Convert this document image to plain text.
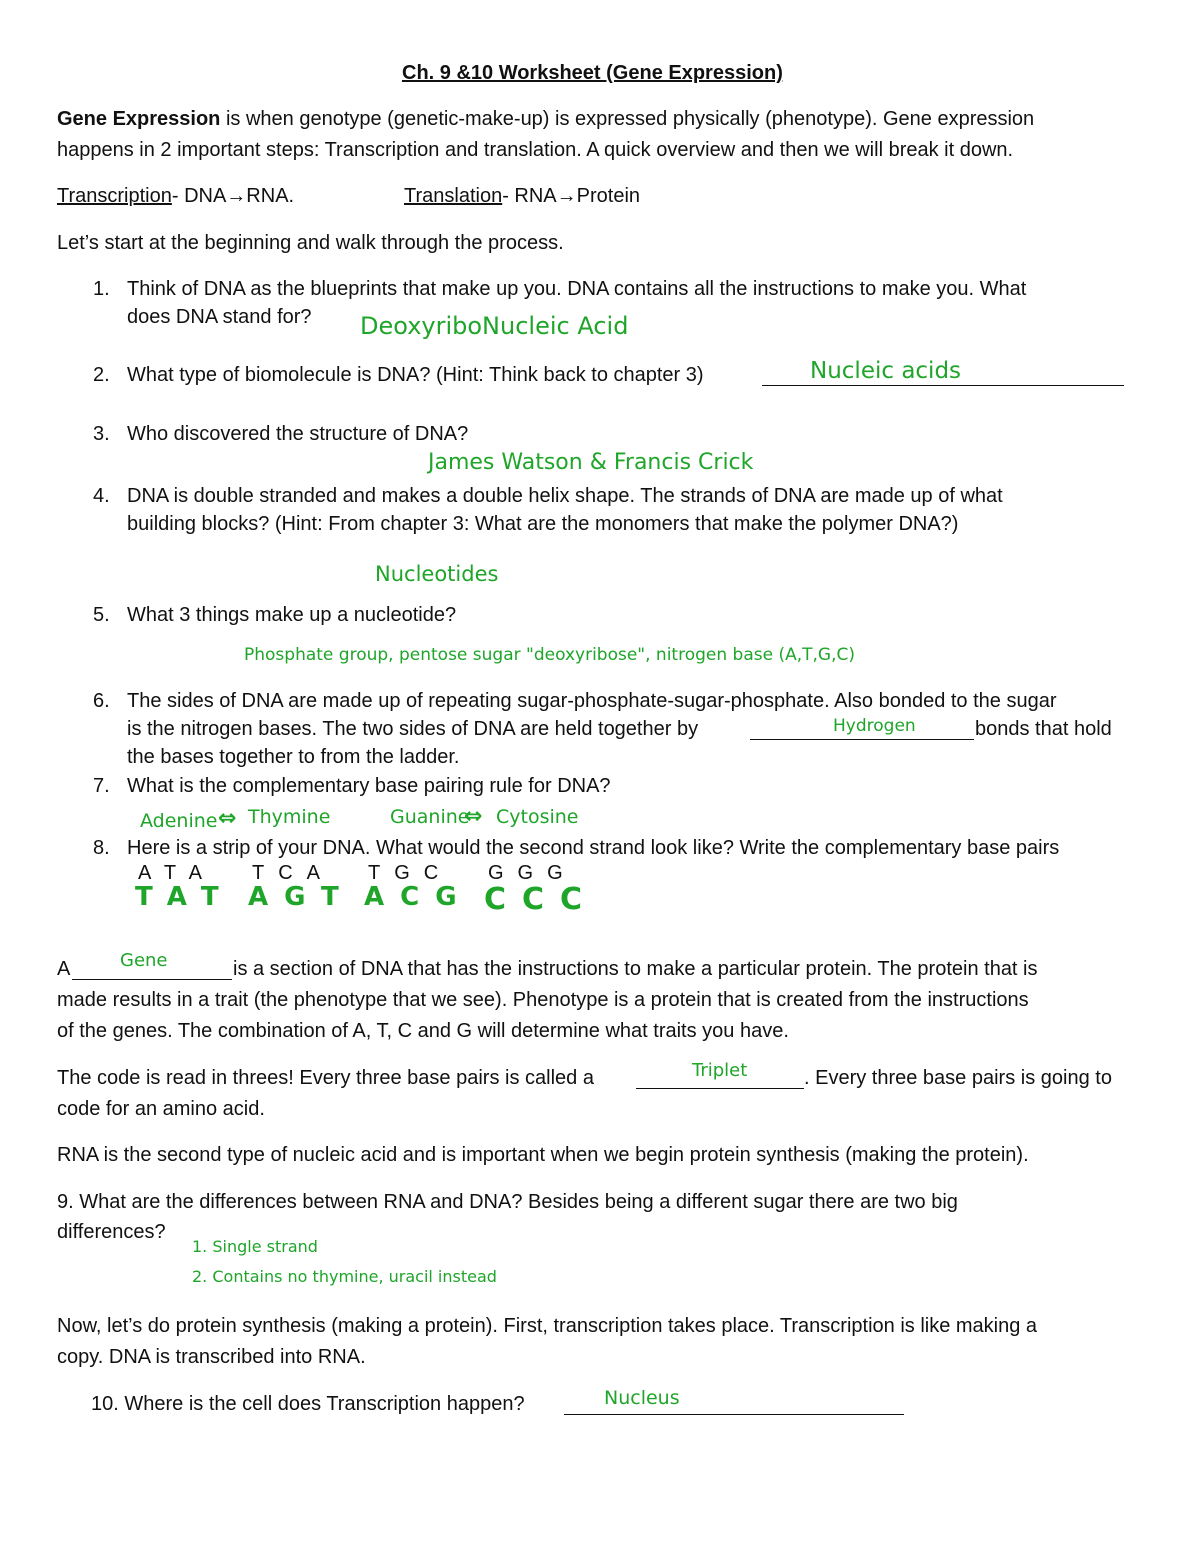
Ch. 9 &10 Worksheet (Gene Expression)
Gene Expression is when genotype (genetic-make-up) is expressed physically (phenotype). Gene expression
happens in 2 important steps: Transcription and translation. A quick overview and then we will break it down.
Transcription- DNA→RNA.	Translation- RNA→Protein
Let’s start at the beginning and walk through the process.
1. Think of DNA as the blueprints that make up you. DNA contains all the instructions to make you. What
does DNA stand for? DeoxyriboNucleic Acid
2. What type of biomolecule is DNA? (Hint: Think back to chapter 3)	Nucleic acids
3. Who discovered the structure of DNA?
James Watson & Francis Crick
4. DNA is double stranded and makes a double helix shape. The strands of DNA are made up of what
building blocks? (Hint: From chapter 3: What are the monomers that make the polymer DNA?)
Nucleotides
5. What 3 things make up a nucleotide?
Phosphate group, pentose sugar "deoxyribose", nitrogen base (A,T,G,C)
6. The sides of DNA are made up of repeating sugar-phosphate-sugar-phosphate. Also bonded to the sugar
is the nitrogen bases. The two sides of DNA are held together by	Hydrogen	bonds that hold
the bases together to from the ladder.
7. What is the complementary base pairing rule for DNA?
Adenine ⇔ Thymine	Guanine
⇔ Cytosine
8. Here is a strip of your DNA. What would the second strand look like? Write the complementary base pairs
ATA TCA TGC GGG
TAT AGT ACG CCC
A	Gene	is a section of DNA that has the instructions to make a particular protein. The protein that is
made results in a trait (the phenotype that we see). Phenotype is a protein that is created from the instructions
of the genes. The combination of A, T, C and G will determine what traits you have.
The code is read in threes! Every three base pairs is called a	Triplet	. Every three base pairs is going to
code for an amino acid.
RNA is the second type of nucleic acid and is important when we begin protein synthesis (making the protein).
9. What are the differences between RNA and DNA? Besides being a different sugar there are two big
differences?
1. Single strand
2. Contains no thymine, uracil instead
Now, let’s do protein synthesis (making a protein). First, transcription takes place. Transcription is like making a
copy. DNA is transcribed into RNA.
10. Where is the cell does Transcription happen?	Nucleus
